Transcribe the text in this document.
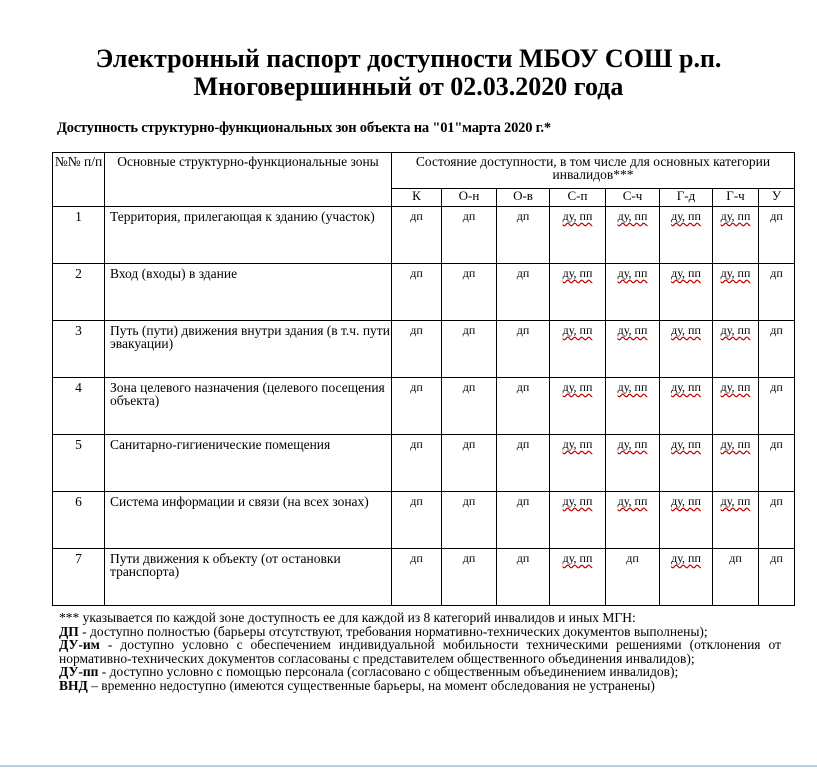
Электронный паспорт доступности МБОУ СОШ р.п.
Многовершинный от 02.03.2020 года
Доступность структурно-функциональных зон объекта на "01"марта 2020 г.*
№№ п/п	Основные структурно-функциональные зоны	Состояние доступности, в том числе для основных категории инвалидов***							
		К	О-н	О-в	С-п	С-ч	Г-д	Г-ч	У
1	Территория, прилегающая к зданию (участок)	дп	дп	дп	ду, пп	ду, пп	ду, пп	ду, пп	дп
2	Вход (входы) в здание	дп	дп	дп	ду, пп	ду, пп	ду, пп	ду, пп	дп
3	Путь (пути) движения внутри здания (в т.ч. пути эвакуации)	дп	дп	дп	ду, пп	ду, пп	ду, пп	ду, пп	дп
4	Зона целевого назначения (целевого посещения объекта)	дп	дп	дп	ду, пп	ду, пп	ду, пп	ду, пп	дп
5	Санитарно-гигиенические помещения	дп	дп	дп	ду, пп	ду, пп	ду, пп	ду, пп	дп
6	Система информации и связи (на всех зонах)	дп	дп	дп	ду, пп	ду, пп	ду, пп	ду, пп	дп
7	Пути движения к объекту (от остановки транспорта)	дп	дп	дп	ду, пп	дп	ду, пп	дп	дп

*** указывается по каждой зоне доступность ее для каждой из 8 категорий инвалидов и иных МГН:

ДП - доступно полностью (барьеры отсутствуют, требования нормативно-технических документов выполнены);

ДУ-им - доступно условно с обеспечением индивидуальной мобильности техническими решениями (отклонения от нормативно-технических документов согласованы с представителем общественного объединения инвалидов);

ДУ-пп - доступно условно с помощью персонала (согласовано с общественным объединением инвалидов);

ВНД – временно недоступно (имеются существенные барьеры, на момент обследования не устранены)
